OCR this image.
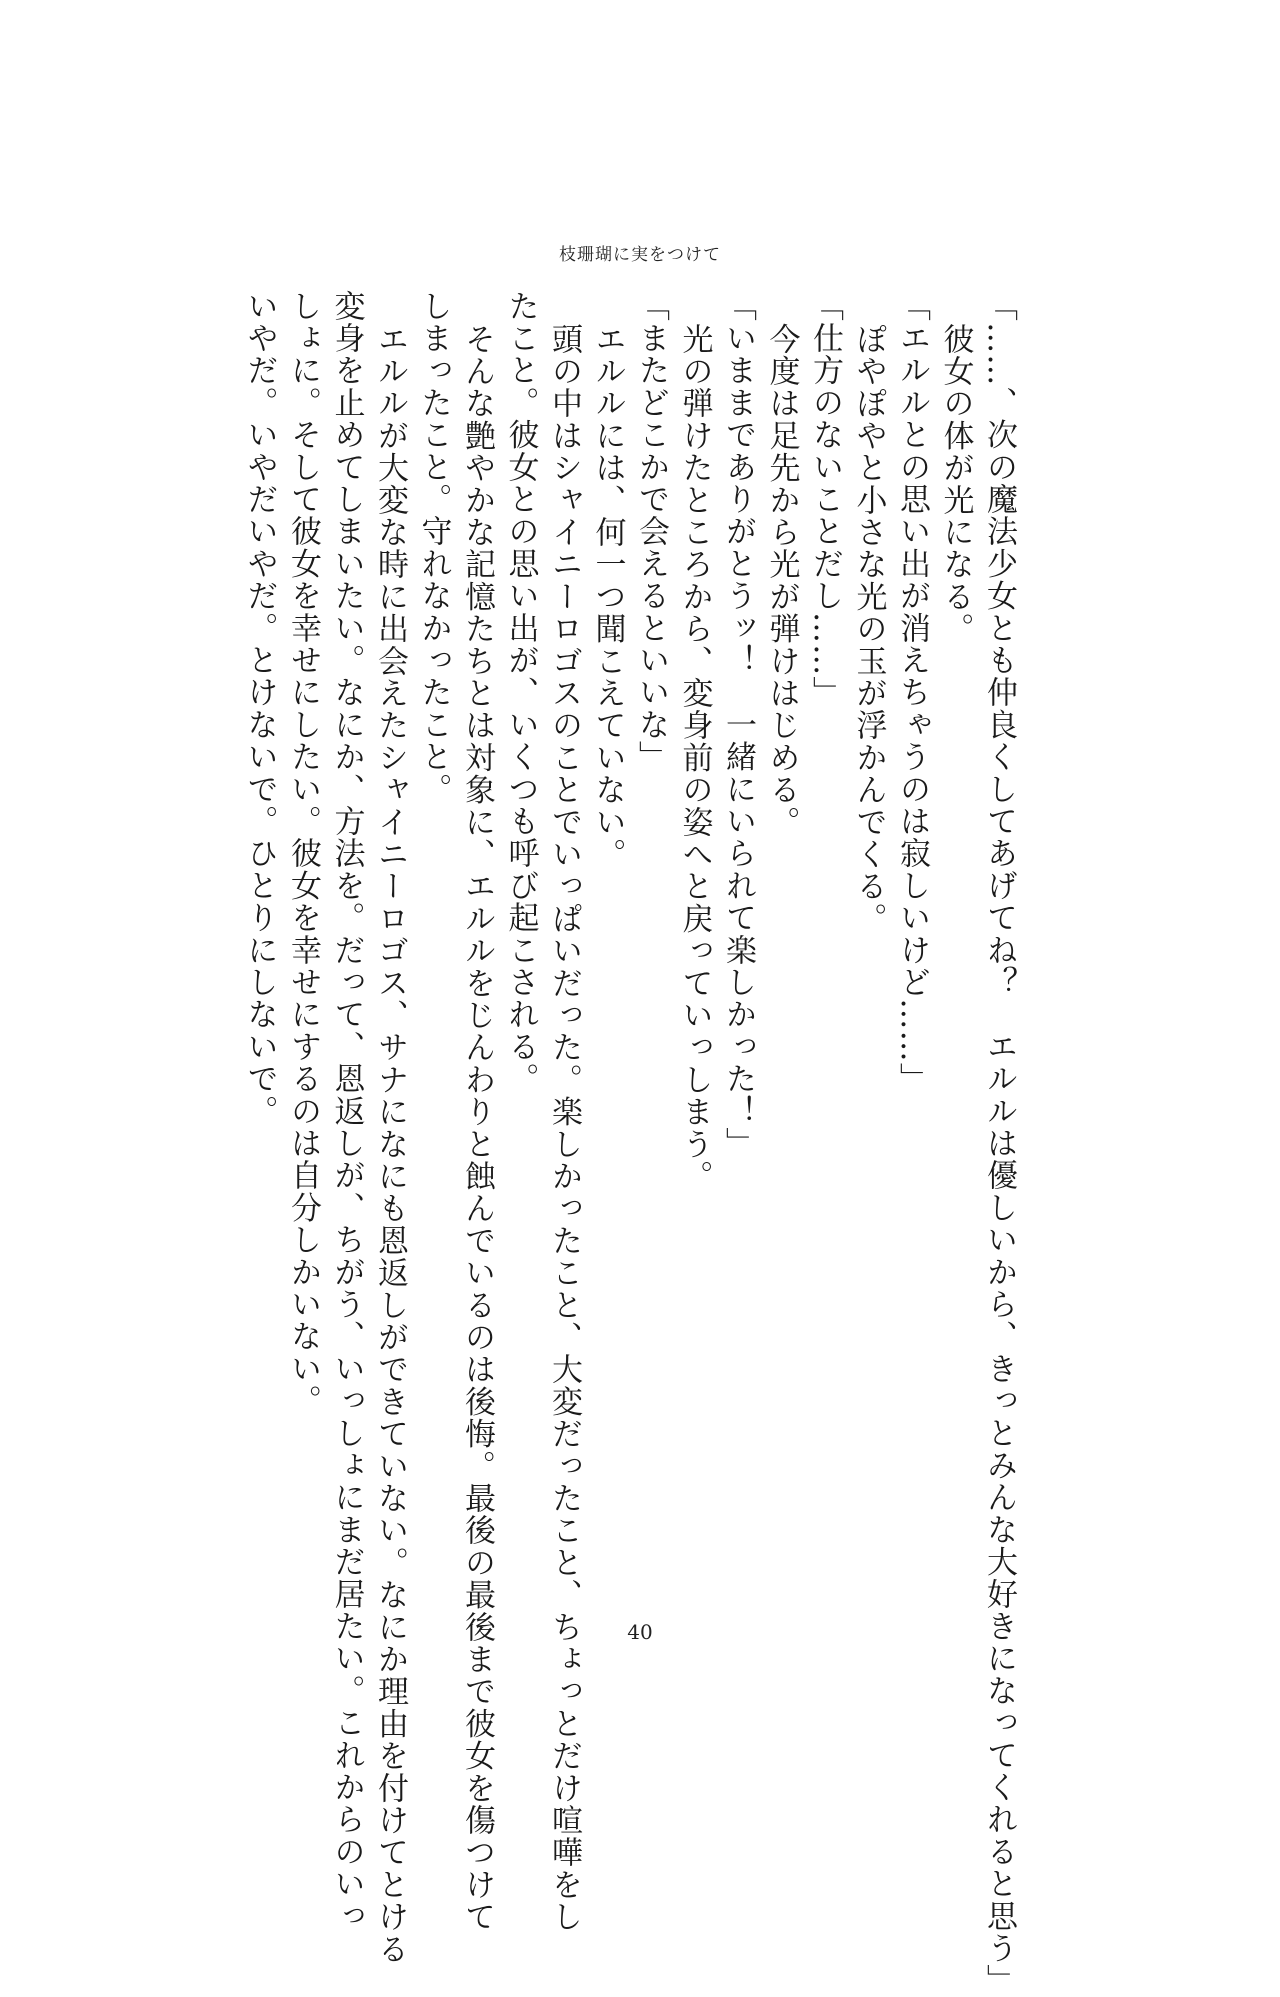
枝珊瑚に実をつけて
「……、次の魔法少女とも仲良くしてあげてね？　エルルは優しいから、きっとみんな大好きになってくれると思う」
彼女の体が光になる。
「エルルとの思い出が消えちゃうのは寂しいけど……」
ぽやぽやと小さな光の玉が浮かんでくる。
「仕方のないことだし……」
今度は足先から光が弾けはじめる。
「いままでありがとうッ！　一緒にいられて楽しかった！」
光の弾けたところから、変身前の姿へと戻っていっしまう。
「またどこかで会えるといいな」
エルルには、何一つ聞こえていない。
頭の中はシャイニーロゴスのことでいっぱいだった。楽しかったこと、大変だったこと、ちょっとだけ喧嘩をし
たこと。彼女との思い出が、いくつも呼び起こされる。
そんな艶やかな記憶たちとは対象に、エルルをじんわりと蝕んでいるのは後悔。最後の最後まで彼女を傷つけて
しまったこと。守れなかったこと。
エルルが大変な時に出会えたシャイニーロゴス、サナになにも恩返しができていない。なにか理由を付けてとける
変身を止めてしまいたい。なにか、方法を。だって、恩返しが、ちがう、いっしょにまだ居たい。これからのいっ
しょに。そして彼女を幸せにしたい。彼女を幸せにするのは自分しかいない。
いやだ。いやだいやだ。とけないで。ひとりにしないで。
40
